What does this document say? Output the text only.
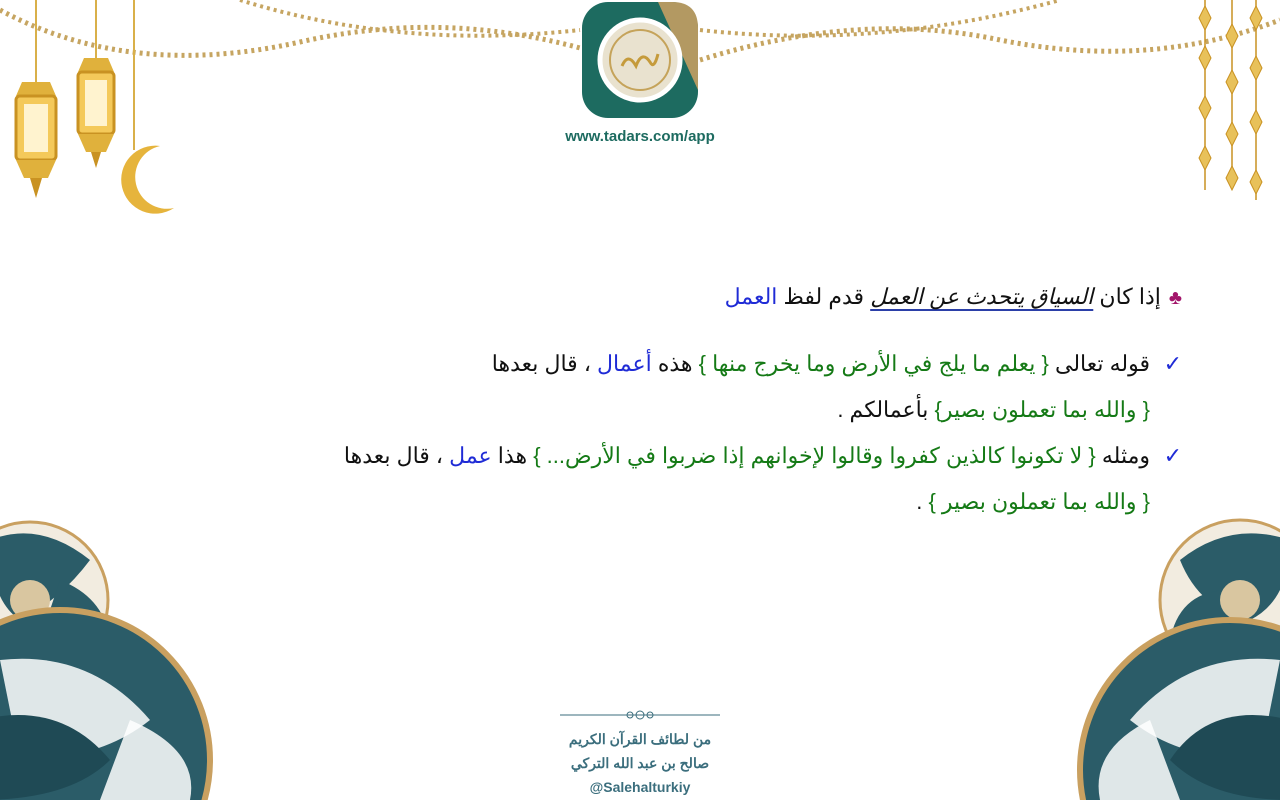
www.tadars.com/app
♣إذا كان السياق يتحدث عن العمل قدم لفظ العمل
✓قوله تعالى { يعلم ما يلج في الأرض وما يخرج منها } هذه أعمال ، قال بعدها
{ والله بما تعملون بصير} بأعمالكم .
✓ومثله { لا تكونوا كالذين كفروا وقالوا لإخوانهم إذا ضربوا في الأرض... } هذا عمل ، قال بعدها
{ والله بما تعملون بصير } .
من لطائف القرآن الكريم
صالح بن عبد الله التركي
@Salehalturkiy
